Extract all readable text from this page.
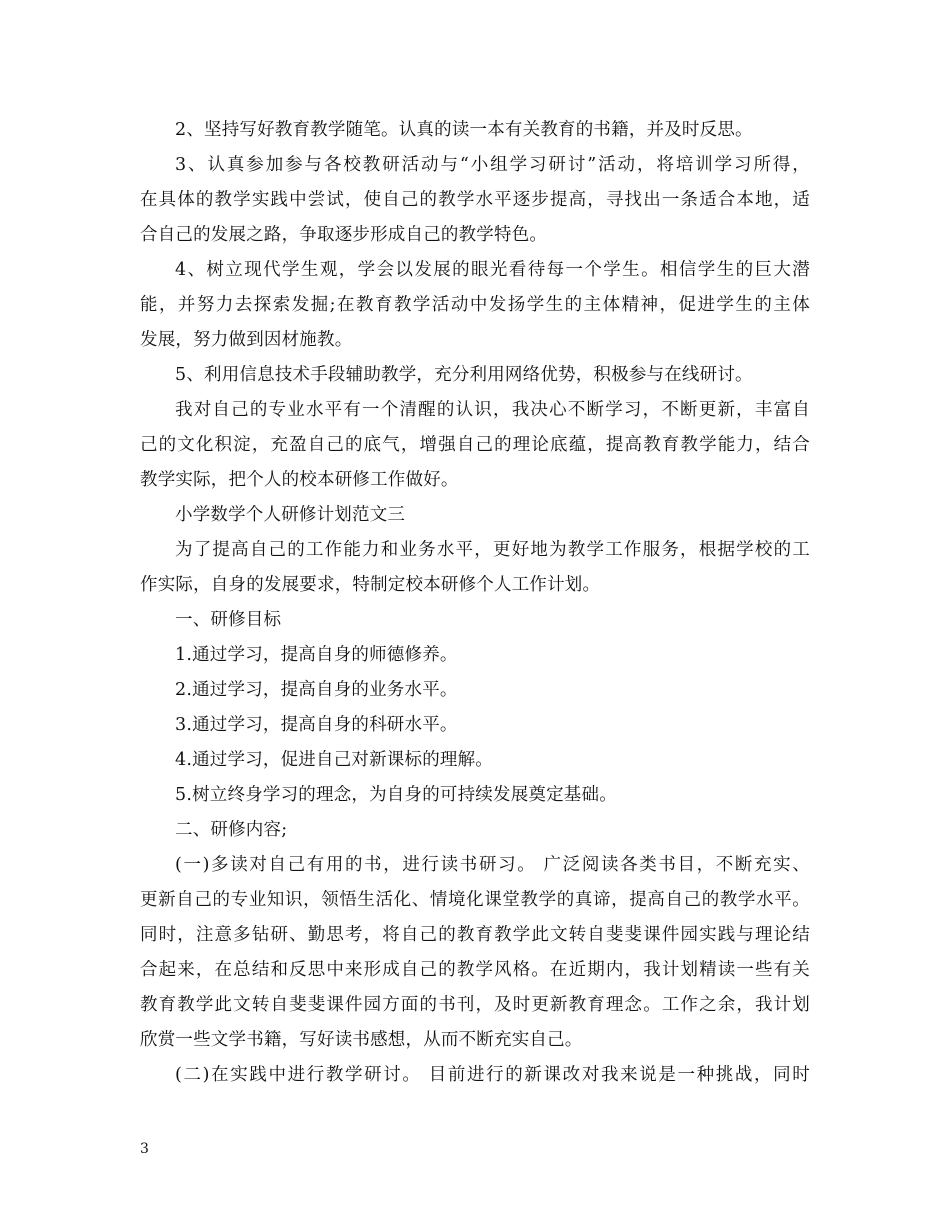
2、坚持写好教育教学随笔。认真的读一本有关教育的书籍，并及时反思。
3、认真参加参与各校教研活动与“小组学习研讨”活动，将培训学习所得，
在具体的教学实践中尝试，使自己的教学水平逐步提高，寻找出一条适合本地，适
合自己的发展之路，争取逐步形成自己的教学特色。
4、树立现代学生观，学会以发展的眼光看待每一个学生。相信学生的巨大潜
能，并努力去探索发掘;在教育教学活动中发扬学生的主体精神，促进学生的主体
发展，努力做到因材施教。
5、利用信息技术手段辅助教学，充分利用网络优势，积极参与在线研讨。
我对自己的专业水平有一个清醒的认识，我决心不断学习，不断更新，丰富自
己的文化积淀，充盈自己的底气，增强自己的理论底蕴，提高教育教学能力，结合
教学实际，把个人的校本研修工作做好。
小学数学个人研修计划范文三
为了提高自己的工作能力和业务水平，更好地为教学工作服务，根据学校的工
作实际，自身的发展要求，特制定校本研修个人工作计划。
一、研修目标
1.通过学习，提高自身的师德修养。
2.通过学习，提高自身的业务水平。
3.通过学习，提高自身的科研水平。
4.通过学习，促进自己对新课标的理解。
5.树立终身学习的理念，为自身的可持续发展奠定基础。
二、研修内容;
(一)多读对自己有用的书，进行读书研习。 广泛阅读各类书目，不断充实、
更新自己的专业知识，领悟生活化、情境化课堂教学的真谛，提高自己的教学水平。
同时，注意多钻研、勤思考，将自己的教育教学此文转自斐斐课件园实践与理论结
合起来，在总结和反思中来形成自己的教学风格。在近期内，我计划精读一些有关
教育教学此文转自斐斐课件园方面的书刊，及时更新教育理念。工作之余，我计划
欣赏一些文学书籍，写好读书感想，从而不断充实自己。
(二)在实践中进行教学研讨。 目前进行的新课改对我来说是一种挑战，同时
3
